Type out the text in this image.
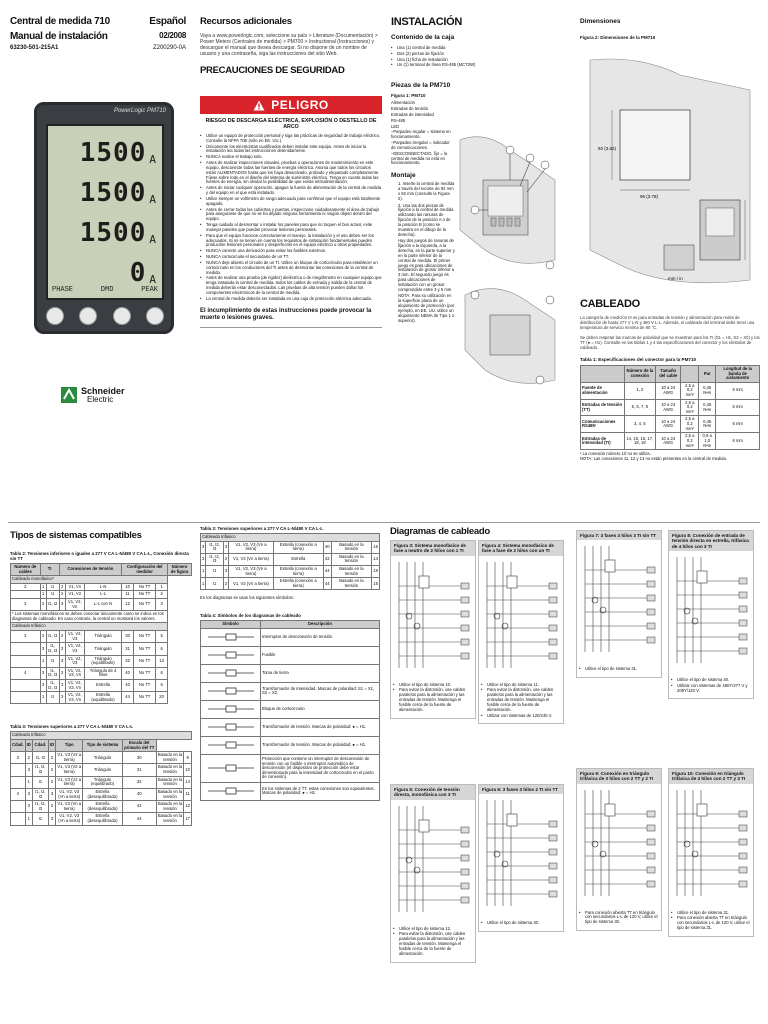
Central de medida 710	Español
Manual de instalación	02/2008
63230-501-215A1	Z200290-0A
PowerLogic PM710
1500 A
1500 A
1500 A
0 A
PHASE	DMD	PEAK
Schneider
Electric
Recursos adicionales
Vaya a www.powerlogic.com, seleccione su país > Literature (Documentación) > Power Meters (Centrales de medida) > PM700 > Instructional (Instrucciones) y descargue el manual que desea descargar. Si no dispone de un nombre de usuario y una contraseña, siga las instrucciones del sitio Web.
PRECAUCIONES DE SEGURIDAD
PELIGRO
RIESGO DE DESCARGA ELÉCTRICA, EXPLOSIÓN O DESTELLO DE ARCO
• Utilice un equipo de protección personal y siga las prácticas de seguridad de trabajo eléctrico. Consulte la NFPA 70E (sólo en EE. UU.).
• Únicamente los electricistas cualificados deben instalar este equipo. Antes de iniciar la instalación lea todas las instrucciones detenidamente.
• NUNCA realice el trabajo solo.
• Antes de realizar inspecciones visuales, pruebas u operaciones de mantenimiento en este equipo, desconecte todas las fuentes de energía eléctrica. Asuma que todos los circuitos están ALIMENTADOS hasta que los haya desactivado, probado y etiquetado completamente. Fíjese sobre todo en el diseño del sistema de suministro eléctrico. Tenga en cuenta todas las fuentes de energía, sin olvidar la posibilidad de que exista retroalimentación.
• Antes de iniciar cualquier operación, apague la fuente de alimentación de la central de medida y del equipo en el que está instalado.
• Utilice siempre un voltímetro de rango adecuado para confirmar que el equipo está totalmente apagado.
• Antes de cerrar todas las cubiertas y puertas, inspeccione cuidadosamente el área de trabajo para asegurarse de que no se ha dejado ninguna herramienta ni ningún objeto dentro del equipo.
• Tenga cuidado al desmontar o instalar los paneles para que no toquen el bus activo; evite manejar paneles que puedan provocar lesiones personales.
• Para que el equipo funcione correctamente el manejo, la instalación y el uso deben ser los adecuados. Si no se tienen en cuenta los requisitos de instalación fundamentales pueden producirse lesiones personales y desperfectos en el equipo eléctrico u otras propiedades.
• NUNCA conecte una derivación para evitar los fusibles externos.
• NUNCA cortocircuite el secundario de un TT.
• NUNCA deje abierto el circuito de un TI. Utilice un bloque de cortocircuito para establecer un cortocircuito en los conductores del TI antes de desmontar las conexiones de la central de medida.
• Antes de realizar una prueba (de rigidez) dieléctrica o de megóhmetro en cualquier equipo que tenga instalada la central de medida, todos los cables de entrada y salida de la central de medida deberán estar desconectados. Las pruebas de alta tensión pueden dañar los componentes electrónicos de la central de medida.
• La central de medida debería ser instalada en una caja de protección eléctrica adecuada.
El incumplimiento de estas instrucciones puede provocar la muerte o lesiones graves.
INSTALACIÓN
Contenido de la caja
• Una (1) central de medida
• Dos (2) piezas de fijación
• Una (1) ficha de instalación
• Un (1) terminal de línea RS-485 (MCT2W)
Piezas de la PM710
Figura 1: PM710
Alimentación
Entradas de tensión
Entradas de intensidad
RS-485
LED
–Parpadeo regular = sistema en funcionamiento.
–Parpadeo irregular = indicador de comunicaciones.
–DESCONNECTADO, fijo = la central de medida no está en funcionamiento.
Montaje
1. Inserte la central de medida a través del recorte de 92 mm x 92 mm (consulte la Figura 2).
2. Una las dos piezas de fijación a la central de medida utilizando las ranuras de fijación de la posición A o de la posición B (como se muestra en el dibujo de la derecha).
Hay dos juegos de ranuras de fijación a la izquierda, a la derecha, en la parte superior y en la parte inferior de la central de medida. El primer juego es para ubicaciones de instalación de grosor inferior a 3 mm. El segundo juego es para ubicaciones de instalación con un grosor comprendido entre 3 y 6 mm.
NOTA: Para su utilización en la superficie plana de un alojamiento de protección (por ejemplo, en EE. UU. utilice un alojamiento NEMA de Tipo 1 o superior).
Dimensiones
Figura 2: Dimensiones de la PM710
92 (3.62)
96 (3.78)
mm / in
CABLEADO
La categoría de medición III es para entradas de tensión y alimentación para redes de distribución de hasta 277 V L-N y 480 V L-L. Además, el cableado del terminal debe tener una temperatura de servicio mínima de 80 °C.
Se deben respetar las marcas de polaridad que se muestran para los TI (S1 = H1, S2 = X0) y los TT (● = H1). Consulte en las tablas 1 y 4 las especificaciones del conector y los símbolos de cableado.
Tabla 1: Especificaciones del conector para la PM710
	Número de la conexión	Tamaño del cable		Par	Longitud de la banda de aislamiento
Fuente de alimentación	1, 2	10 a 24 AWG	2,5 a 0,2 mm²	0,45 N•m	6 mm
Entradas de tensión (TT)	5, 6, 7, 8	10 a 24 AWG	2,5 a 0,2 mm²	0,45 N•m	6 mm
Comunicaciones RS485¹	3, 4, 5	10 a 24 AWG	2,5 a 0,2 mm²	0,45 N•m	6 mm
Entradas de intensidad (TI)	14, 15, 16, 17, 18, 19	10 a 24 AWG	2,5 a 0,2 mm²	0,9 a 1,0 N•m	6 mm
¹ La conexión número 10 no se utiliza.
NOTA: Las conexiones 11, 12 y 13 no están presentes en la central de medida.
Tipos de sistemas compatibles
Tabla 2: Tensiones inferiores o iguales a 277 V CA L-N/480 V CA L-L, Conexión directa sin TT
Número de cables	TI		Conexiones de tensión			Configuración del medidor			Número de figura
Cableado monofásico*									
2	1	I1	2	V1, Vn	L-N	10	No TT	1	
	1	I1	2	V1, V2	L-L	11	No TT	2	
3	2	I1, I2	3	V1, V2, Vn	L-L con N	12	No TT	3	
* Los sistemas monofásicos se deben conectar únicamente como se indica en los diagramas de cableado. En caso contrario, la central no mostrará los valores.									
Cableado trifásico									
3	2	I1, I3	2	V1, V2, V3	Triángulo	30	No TT	5	
	3	I1, I2, I3	3	V1, V2, V3	Triángulo	31	No TT	6	
	1	I1	3	V1, V2, V3	Triángulo (equilibrado)	32	No TT	13	
4	3	I1, I2, I3	3	V1, V2, V3, Vn	Triángulo de 4 hilos	40	No TT	6	
	3	I1, I2, I3	3	V1, V2, V3, Vn	Estrella	40	No TT	6	
	1	I1	3	V1, V2, V3, Vn	Estrella (equilibrado)	44	No TT	20	
Tabla 3: Tensiones superiores a 277 V CA L-N/480 V CA L-L
Cableado trifásico								
Cdad.	ID	Cdad.	ID	Tipo	Tipo de sistema	Escala del primario del TT		
3	2	I1, I3	2	V1, V3 (V2 a tierra)	Triángulo	30	Basado en la tensión	9
	3	I1, I2, I3	2	V1, V3 (V2 a tierra)	Triángulo	31	Basado en la tensión	10
	1	I1	2	V1, V3 (V2 a tierra)	Triángulo (equilibrado)	32	Basado en la tensión	14
4	3	I1, I2, I3	3	V1, V2, V3 (Vn a tierra)	Estrella (desequilibrado)	40	Basado en la tensión	11
	3	I1, I2, I3	2	V1, V3 (Vn a tierra)	Estrella (desequilibrado)	42	Basado en la tensión	12
	1	I1	3	V1, V2, V3 (Vn a tierra)	Estrella (desequilibrado)	44	Basado en la tensión	17
Tabla 3: Tensiones superiores a 277 V CA L-N/480 V CA L-L
Cableado trifásico							
3	I1, I2, I3	3	V1, V2, V3 (Vn a tierra)	Estrella (conexión a tierra)	40	Basado en la tensión	16
3	I1, I2, I3	2	V1, V3 (Vn a tierra)	Estrella	42	Basado en la tensión	14
1	I1	3	V1, V2, V3 (Vn a tierra)	Estrella (conexión a tierra)	44	Basado en la tensión	18
1	I1	2	V1, V3 (Vn a tierra)	Estrella (conexión a tierra)	44	Basado en la tensión	15
En los diagramas se usan los siguientes símbolos:
Tabla 4: Símbolos de los diagramas de cableado
Símbolo	Descripción
	Interruptor de desconexión de tensión
	Fusible
	Toma de tierra
	Transformador de intensidad. Marcas de polaridad: S1 = X1, S2 = X2.
	Bloque de cortocircuito
	Transformador de tensión. Marcas de polaridad: ● = H1.
	Transformador de tensión. Marcas de polaridad: ● = H1.
	Protección que contiene un interruptor de desconexión de tensión con un fusible o interruptor automático de desconexión (el dispositivo de protección debe estar dimensionado para la intensidad de cortocircuito en el punto de conexión).
	En los sistemas de 2 TT, estas conexiones son equivalentes. Marcas de polaridad: ● = H1.
Diagramas de cableado
Figura 3: Sistema monofásico de fase a neutro de 2 hilos con 1 TI
• Utilice el tipo de sistema 10.
• Para evitar la distorsión, use cables paralelos para la alimentación y las entradas de tensión. Mantenga el fusible cerca de la fuente de alimentación.
Figura 4: Sistema monofásico de fase a fase de 2 hilos con un TI
• Utilice el tipo de sistema 11.
• Para evitar la distorsión, use cables paralelos para la alimentación y las entradas de tensión. Mantenga el fusible cerca de la fuente de alimentación.
• Utilizar con sistemas de 120/240 V.
Figura 7: 3 fases 3 hilos 3 TI sin TT
• Utilice el tipo de sistema 31.
Figura 8: Conexión de entrada de tensión directa en estrella, trifásica de 4 hilos con 3 TI
• Utilice el tipo de sistema 40.
• Utilizar con sistemas de 480Y/277 V y 208Y/120 V.
Figura 5: Conexión de tensión directa, monofásica con 3 TI
• Utilice el tipo de sistema 12.
• Para evitar la distorsión, use cables paralelos para la alimentación y las entradas de tensión. Mantenga el fusible cerca de la fuente de alimentación.
Figura 6: 3 fases 3 hilos 2 TI sin TT
• Utilice el tipo de sistema 30.
Figura 9: Conexión en triángulo trifásica de 3 hilos con 2 TT y 2 TI
• Para conexión abierta TT en triángulo con secundarios L-L de 120 V, utilice el tipo de sistema 30.
Figura 10: Conexión en triángulo trifásica de 3 hilos con 2 TT y 3 TI
• Utilice el tipo de sistema 31.
• Para conexión abierta TT en triángulo con secundarios L-L de 120 V, utilice el tipo de sistema 31.
